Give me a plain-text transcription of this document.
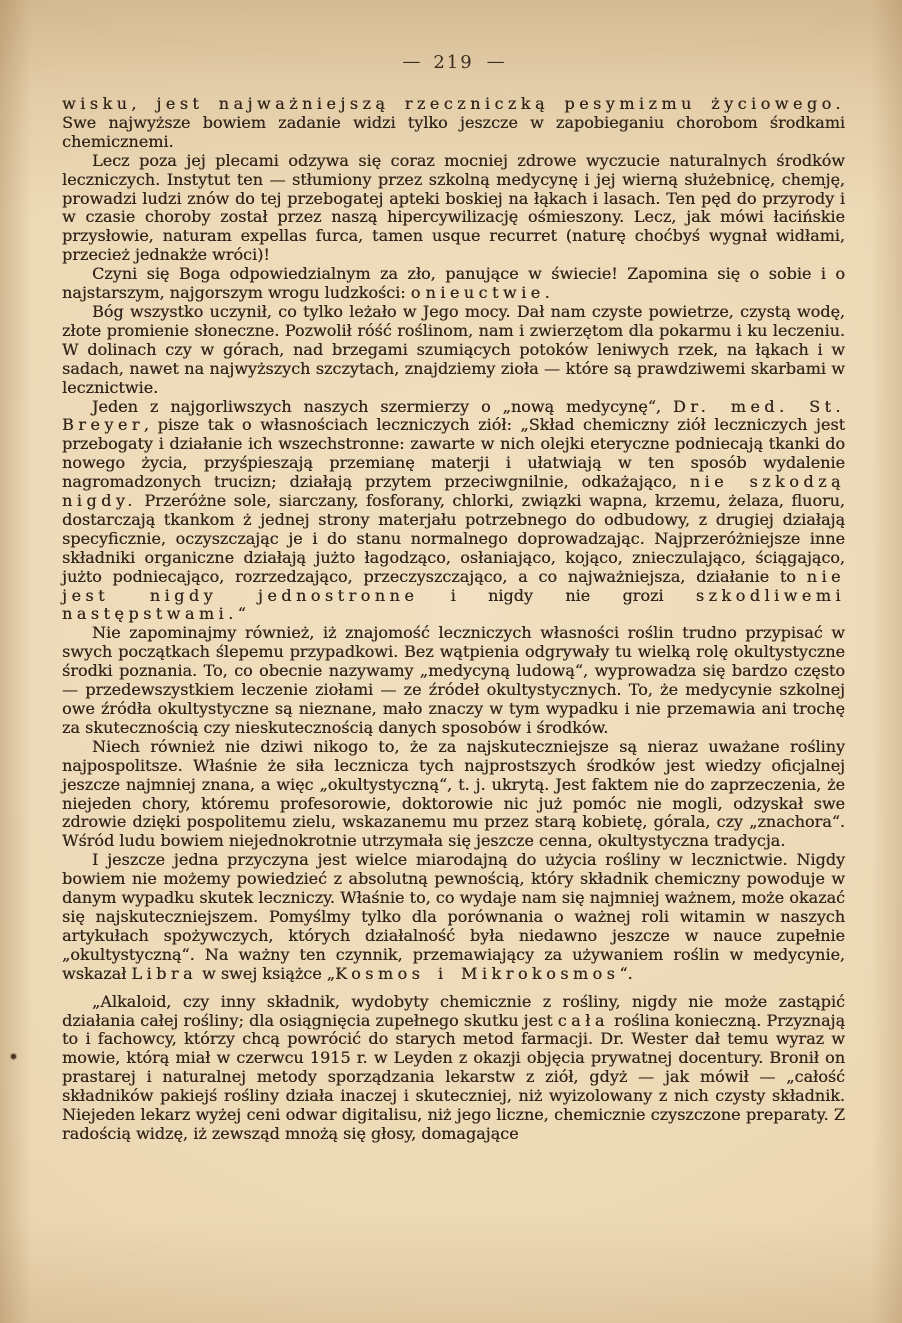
— 219 —

wisku, jest najważniejszą rzeczniczką pesymizmu życiowego. Swe najwyższe bowiem zadanie widzi tylko jeszcze w zapobieganiu chorobom środkami chemicznemi.

Lecz poza jej plecami odzywa się coraz mocniej zdrowe wyczucie naturalnych środków leczniczych. Instytut ten — stłumiony przez szkolną medycynę i jej wierną służebnicę, chemję, prowadzi ludzi znów do tej przebogatej apteki boskiej na łąkach i lasach. Ten pęd do przyrody i w czasie choroby został przez naszą hipercywilizację ośmieszony. Lecz, jak mówi łacińskie przysłowie, naturam expellas furca, tamen usque recurret (naturę choćbyś wygnał widłami, przecież jednakże wróci)!

Czyni się Boga odpowiedzialnym za zło, panujące w świecie! Zapomina się o sobie i o najstarszym, najgorszym wrogu ludzkości: o nieuctwie.

Bóg wszystko uczynił, co tylko leżało w Jego mocy. Dał nam czyste powietrze, czystą wodę, złote promienie słoneczne. Pozwolił róść roślinom, nam i zwierzętom dla pokarmu i ku leczeniu. W dolinach czy w górach, nad brzegami szumiących potoków leniwych rzek, na łąkach i w sadach, nawet na najwyższych szczytach, znajdziemy zioła — które są prawdziwemi skarbami w lecznictwie.

Jeden z najgorliwszych naszych szermierzy o „nową medycynę“, Dr. med. St. Breyer, pisze tak o własnościach leczniczych ziół: „Skład chemiczny ziół leczniczych jest przebogaty i działanie ich wszechstronne: zawarte w nich olejki eteryczne podniecają tkanki do nowego życia, przyśpieszają przemianę materji i ułatwiają w ten sposób wydalenie nagromadzonych trucizn; działają przytem przeciwgnilnie, odkażająco, nie szkodzą nigdy. Przeróżne sole, siarczany, fosforany, chlorki, związki wapna, krzemu, żelaza, fluoru, dostarczają tkankom ż jednej strony materjału potrzebnego do odbudowy, z drugiej działają specyficznie, oczyszczając je i do stanu normalnego doprowadzając. Najprzeróżniejsze inne składniki organiczne działają jużto łagodząco, osłaniająco, kojąco, znieczulająco, ściągająco, jużto podniecająco, rozrzedzająco, przeczyszczająco, a co najważniejsza, działanie to nie jest nigdy jednostronne i nigdy nie grozi szkodliwemi następstwami.“

Nie zapominajmy również, iż znajomość leczniczych własności roślin trudno przypisać w swych początkach ślepemu przypadkowi. Bez wątpienia odgrywały tu wielką rolę okultystyczne środki poznania. To, co obecnie nazywamy „medycyną ludową“, wyprowadza się bardzo często — przedewszystkiem leczenie ziołami — ze źródeł okultystycznych. To, że medycynie szkolnej owe źródła okultystyczne są nieznane, mało znaczy w tym wypadku i nie przemawia ani trochę za skutecznością czy nieskutecznością danych sposobów i środków.

Niech również nie dziwi nikogo to, że za najskuteczniejsze są nieraz uważane rośliny najpospolitsze. Właśnie że siła lecznicza tych najprostszych środków jest wiedzy oficjalnej jeszcze najmniej znana, a więc „okultystyczną“, t. j. ukrytą. Jest faktem nie do zaprzeczenia, że niejeden chory, któremu profesorowie, doktorowie nic już pomóc nie mogli, odzyskał swe zdrowie dzięki pospolitemu zielu, wskazanemu mu przez starą kobietę, górala, czy „znachora“. Wśród ludu bowiem niejednokrotnie utrzymała się jeszcze cenna, okultystyczna tradycja.

I jeszcze jedna przyczyna jest wielce miarodajną do użycia rośliny w lecznictwie. Nigdy bowiem nie możemy powiedzieć z absolutną pewnością, który składnik chemiczny powoduje w danym wypadku skutek leczniczy. Właśnie to, co wydaje nam się najmniej ważnem, może okazać się najskuteczniejszem. Pomyślmy tylko dla porównania o ważnej roli witamin w naszych artykułach spożywczych, których działalność była niedawno jeszcze w nauce zupełnie „okultystyczną“. Na ważny ten czynnik, przemawiający za używaniem roślin w medycynie, wskazał Libra w swej książce „Kosmos i Mikrokosmos“.

„Alkaloid, czy inny składnik, wydobyty chemicznie z rośliny, nigdy nie może zastąpić działania całej rośliny; dla osiągnięcia zupełnego skutku jest cała roślina konieczną. Przyznają to i fachowcy, którzy chcą powrócić do starych metod farmacji. Dr. Wester dał temu wyraz w mowie, którą miał w czerwcu 1915 r. w Leyden z okazji objęcia prywatnej docentury. Bronił on prastarej i naturalnej metody sporządzania lekarstw z ziół, gdyż — jak mówił — „całość składników pakiejś rośliny działa inaczej i skuteczniej, niż wyizolowany z nich czysty składnik. Niejeden lekarz wyżej ceni odwar digitalisu, niż jego liczne, chemicznie czyszczone preparaty. Z radością widzę, iż zewsząd mnożą się głosy, domagające
